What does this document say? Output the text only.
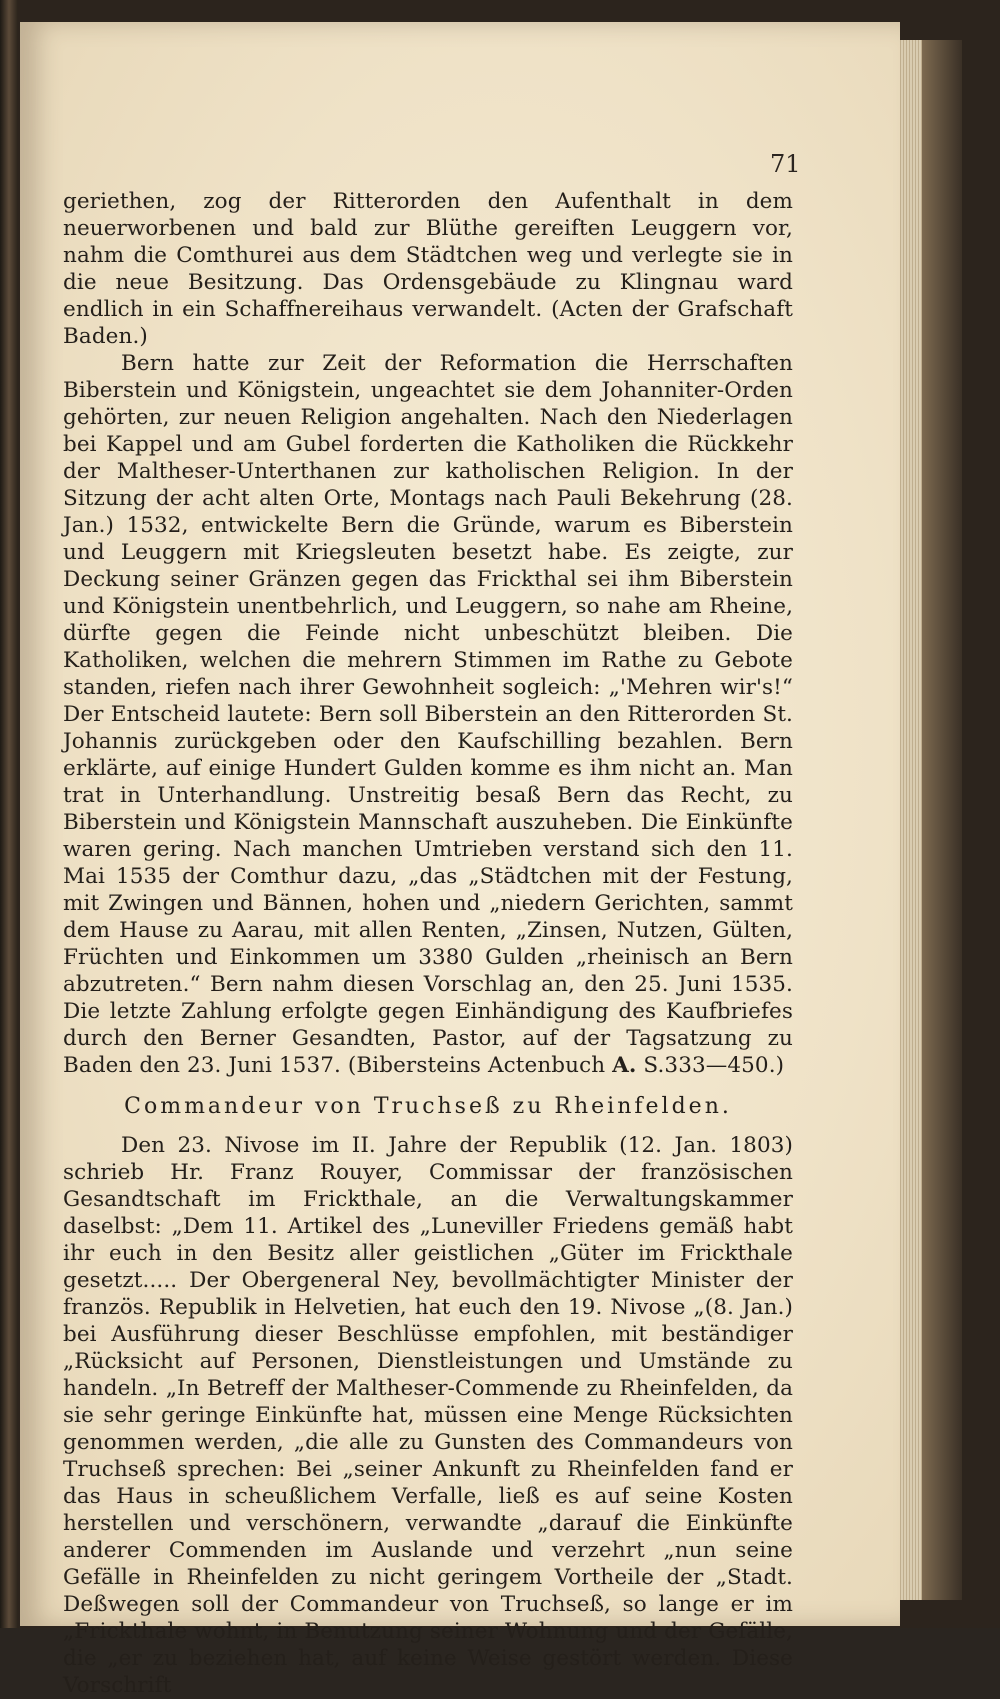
71

geriethen, zog der Ritterorden den Aufenthalt in dem neuerworbenen und bald zur Blüthe gereiften Leuggern vor, nahm die Comthurei aus dem Städtchen weg und verlegte sie in die neue Besitzung. Das Ordensgebäude zu Klingnau ward endlich in ein Schaffnereihaus verwandelt. (Acten der Grafschaft Baden.)

Bern hatte zur Zeit der Reformation die Herrschaften Biberstein und Königstein, ungeachtet sie dem Johanniter-Orden gehörten, zur neuen Religion angehalten. Nach den Niederlagen bei Kappel und am Gubel forderten die Katholiken die Rückkehr der Maltheser-Unterthanen zur katholischen Religion. In der Sitzung der acht alten Orte, Montags nach Pauli Bekehrung (28. Jan.) 1532, entwickelte Bern die Gründe, warum es Biberstein und Leuggern mit Kriegsleuten besetzt habe. Es zeigte, zur Deckung seiner Gränzen gegen das Frickthal sei ihm Biberstein und Königstein unentbehrlich, und Leuggern, so nahe am Rheine, dürfte gegen die Feinde nicht unbeschützt bleiben. Die Katholiken, welchen die mehrern Stimmen im Rathe zu Gebote standen, riefen nach ihrer Gewohnheit sogleich: „'Mehren wir's!“ Der Entscheid lautete: Bern soll Biberstein an den Ritterorden St. Johannis zurückgeben oder den Kaufschilling bezahlen. Bern erklärte, auf einige Hundert Gulden komme es ihm nicht an. Man trat in Unterhandlung. Unstreitig besaß Bern das Recht, zu Biberstein und Königstein Mannschaft auszuheben. Die Einkünfte waren gering. Nach manchen Umtrieben verstand sich den 11. Mai 1535 der Comthur dazu, „das „Städtchen mit der Festung, mit Zwingen und Bännen, hohen und „niedern Gerichten, sammt dem Hause zu Aarau, mit allen Renten, „Zinsen, Nutzen, Gülten, Früchten und Einkommen um 3380 Gulden „rheinisch an Bern abzutreten.“ Bern nahm diesen Vorschlag an, den 25. Juni 1535. Die letzte Zahlung erfolgte gegen Einhändigung des Kaufbriefes durch den Berner Gesandten, Pastor, auf der Tagsatzung zu Baden den 23. Juni 1537. (Bibersteins Actenbuch A. S.333—450.)

Commandeur von Truchseß zu Rheinfelden.

Den 23. Nivose im II. Jahre der Republik (12. Jan. 1803) schrieb Hr. Franz Rouyer, Commissar der französischen Gesandtschaft im Frickthale, an die Verwaltungskammer daselbst: „Dem 11. Artikel des „Luneviller Friedens gemäß habt ihr euch in den Besitz aller geistlichen „Güter im Frickthale gesetzt..... Der Obergeneral Ney, bevollmächtigter Minister der französ. Republik in Helvetien, hat euch den 19. Nivose „(8. Jan.) bei Ausführung dieser Beschlüsse empfohlen, mit beständiger „Rücksicht auf Personen, Dienstleistungen und Umstände zu handeln. „In Betreff der Maltheser-Commende zu Rheinfelden, da sie sehr geringe Einkünfte hat, müssen eine Menge Rücksichten genommen werden, „die alle zu Gunsten des Commandeurs von Truchseß sprechen: Bei „seiner Ankunft zu Rheinfelden fand er das Haus in scheußlichem Verfalle, ließ es auf seine Kosten herstellen und verschönern, verwandte „darauf die Einkünfte anderer Commenden im Auslande und verzehrt „nun seine Gefälle in Rheinfelden zu nicht geringem Vortheile der „Stadt. Deßwegen soll der Commandeur von Truchseß, so lange er im „Frickthale wohnt, in Benutzung seiner Wohnung und der Gefälle, die „er zu beziehen hat, auf keine Weise gestört werden. Diese Vorschrift
